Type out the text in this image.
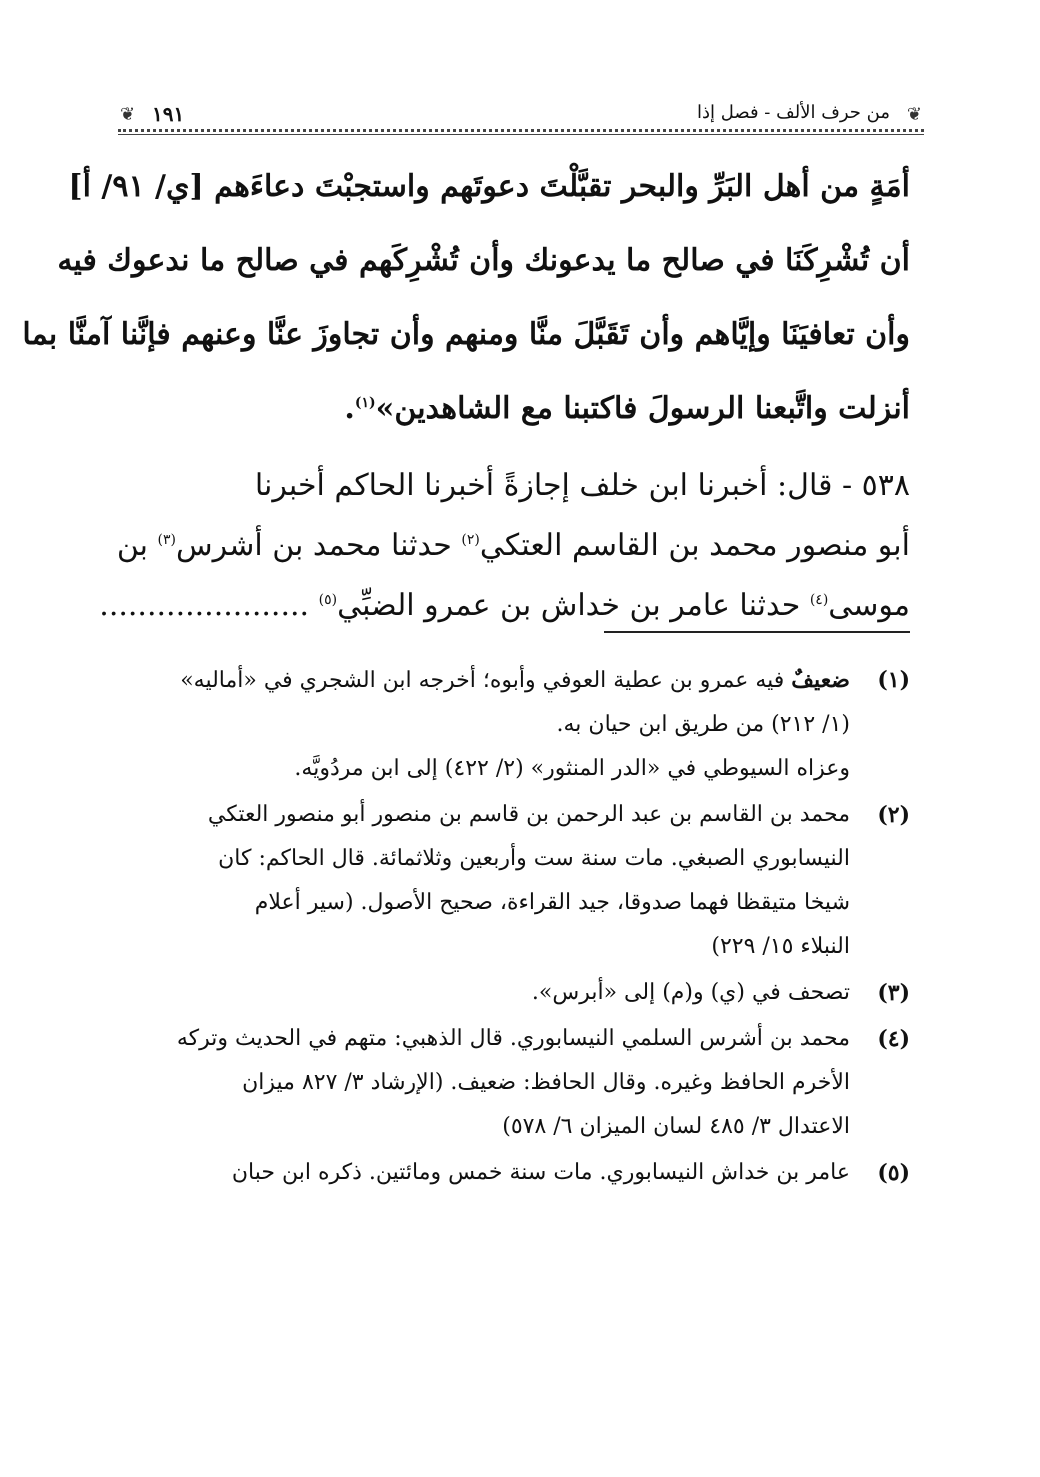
❦	❦
١٩١	من حرف الألف - فصل إذا
أمَةٍ من أهل البَرِّ والبحر تقبَّلْتَ دعوتَهم واستجبْتَ دعاءَهم [ي/ ٩١/ أ]
أن تُشْرِكَنَا في صالح ما يدعونك وأن تُشْرِكَهم في صالح ما ندعوك فيه
وأن تعافيَنَا وإيَّاهم وأن تَقَبَّلَ منَّا ومنهم وأن تجاوزَ عنَّا وعنهم فإنَّنا آمنَّا بما
أنزلت واتَّبعنا الرسولَ فاكتبنا مع الشاهدين»$^{(١)}$.
٥٣٨ - قال: أخبرنا ابن خلف إجازةً أخبرنا الحاكم أخبرنا
أبو منصور محمد بن القاسم العتكي$^{(٢)}$ حدثنا محمد بن أشرس$^{(٣)}$ بن
موسى$^{(٤)}$ حدثنا عامر بن خداش بن عمرو الضبِّي$^{(٥)}$ ......................
(١)
ضعيفٌ فيه عمرو بن عطية العوفي وأبوه؛ أخرجه ابن الشجري في «أماليه»
(١/ ٢١٢) من طريق ابن حيان به.
وعزاه السيوطي في «الدر المنثور» (٢/ ٤٢٢) إلى ابن مردُويَّه.
(٢)
محمد بن القاسم بن عبد الرحمن بن قاسم بن منصور أبو منصور العتكي
النيسابوري الصبغي. مات سنة ست وأربعين وثلاثمائة. قال الحاكم: كان
شيخا متيقظا فهما صدوقا، جيد القراءة، صحيح الأصول. (سير أعلام
النبلاء ١٥/ ٢٢٩)
(٣)
تصحف في (ي) و(م) إلى «أبرس».
(٤)
محمد بن أشرس السلمي النيسابوري. قال الذهبي: متهم في الحديث وتركه
الأخرم الحافظ وغيره. وقال الحافظ: ضعيف. (الإرشاد ٣/ ٨٢٧ ميزان
الاعتدال ٣/ ٤٨٥ لسان الميزان ٦/ ٥٧٨)
(٥)
عامر بن خداش النيسابوري. مات سنة خمس ومائتين. ذكره ابن حبان
